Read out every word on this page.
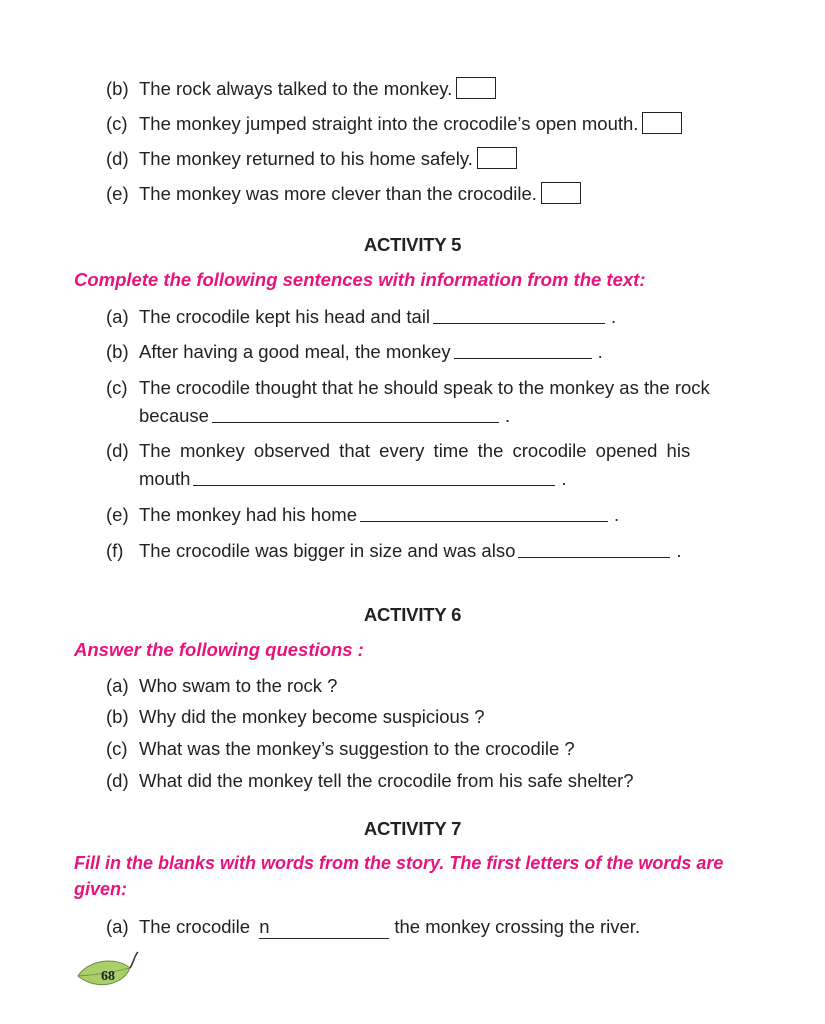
(b) The rock always talked to the monkey.
(c) The monkey jumped straight into the crocodile’s open mouth.
(d) The monkey returned to his home safely.
(e) The monkey was more clever than the crocodile.
ACTIVITY 5
Complete the following sentences with information from the text:
(a) The crocodile kept his head and tail	.
(b) After having a good meal, the monkey	.
(c) The crocodile thought that he should speak to the monkey as the rock
because	.
(d) The monkey observed that every time the crocodile opened his
mouth	.
(e) The monkey had his home	.
(f) The crocodile was bigger in size and was also	.
ACTIVITY 6
Answer the following questions :
(a) Who swam to the rock ?
(b) Why did the monkey become suspicious ?
(c) What was the monkey’s suggestion to the crocodile ?
(d) What did the monkey tell the crocodile from his safe shelter?
ACTIVITY 7
Fill in the blanks with words from the story. The first letters of the words are
given:
(a) The crocodile n	the monkey crossing the river.
68
